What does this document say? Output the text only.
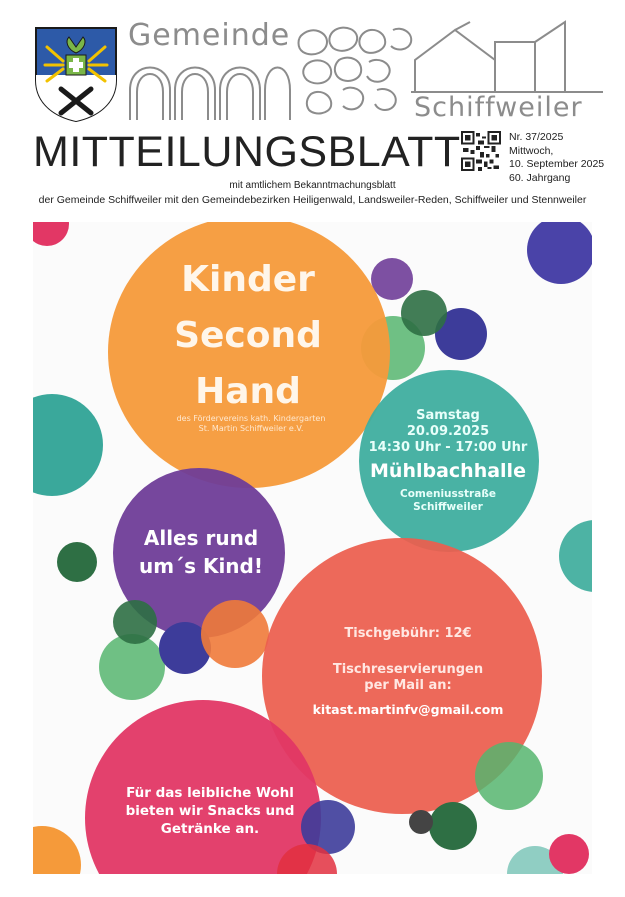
Gemeinde
Schiffweiler
MITTEILUNGSBLATT	Nr. 37/2025
Mittwoch,
10. September 2025
60. Jahrgang
mit amtlichem Bekanntmachungsblatt
der Gemeinde Schiffweiler mit den Gemeindebezirken Heiligenwald, Landsweiler-Reden, Schiffweiler und Stennweiler
Kinder
Second
Hand
des Fördervereins kath. Kindergarten
St. Martin Schiffweiler e.V.
Samstag
20.09.2025
14:30 Uhr - 17:00 Uhr
Mühlbachhalle
Comeniusstraße
Schiffweiler
Alles rund
um´s Kind!
Tischgebühr: 12€
Tischreservierungen
per Mail an:
kitast.martinfv@gmail.com
Für das leibliche Wohl
bieten wir Snacks und
Getränke an.
